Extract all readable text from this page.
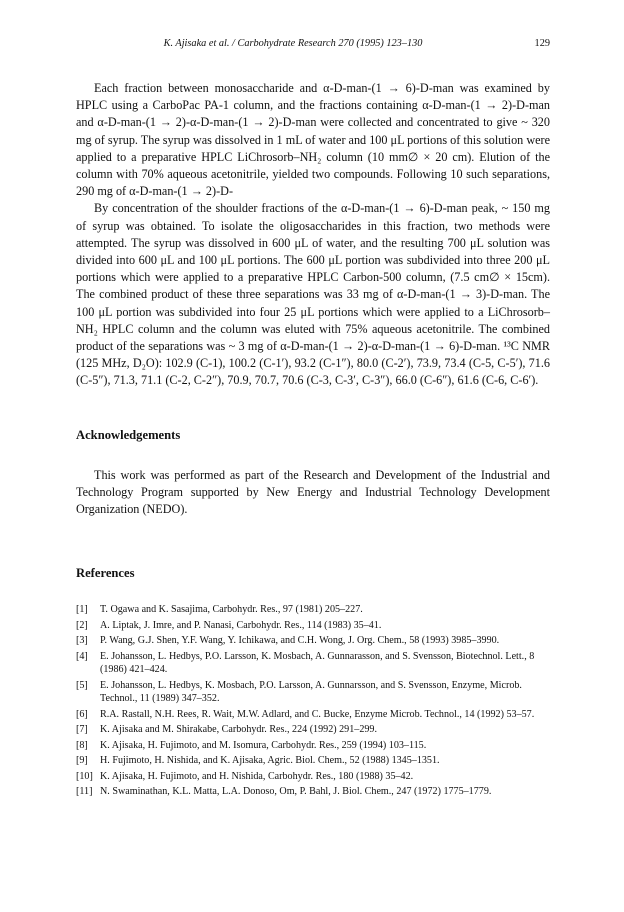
K. Ajisaka et al. / Carbohydrate Research 270 (1995) 123–130	129

Each fraction between monosaccharide and α-D-man-(1 → 6)-D-man was examined by HPLC using a CarboPac PA-1 column, and the fractions containing α-D-man-(1 → 2)-D-man and α-D-man-(1 → 2)-α-D-man-(1 → 2)-D-man were collected and concentrated to give ~ 320 mg of syrup. The syrup was dissolved in 1 mL of water and 100 μL portions of this solution were applied to a preparative HPLC LiChrosorb–NH₂ column (10 mm∅ × 20 cm). Elution of the column with 70% aqueous acetonitrile, yielded two compounds. Following 10 such separations, 290 mg of α-D-man-(1 → 2)-D-

By concentration of the shoulder fractions of the α-D-man-(1 → 6)-D-man peak, ~ 150 mg of syrup was obtained. To isolate the oligosaccharides in this fraction, two methods were attempted. The syrup was dissolved in 600 μL of water, and the resulting 700 μL solution was divided into 600 μL and 100 μL portions. The 600 μL portion was subdivided into three 200 μL portions which were applied to a preparative HPLC Carbon-500 column, (7.5 cm∅ × 15cm). The combined product of these three separations was 33 mg of α-D-man-(1 → 3)-D-man. The 100 μL portion was subdivided into four 25 μL portions which were applied to a LiChrosorb–NH₂ HPLC column and the column was eluted with 75% aqueous acetonitrile. The combined product of the separations was ~ 3 mg of α-D-man-(1 → 2)-α-D-man-(1 → 6)-D-man. ¹³C NMR (125 MHz, D₂O): 102.9 (C-1), 100.2 (C-1′), 93.2 (C-1″), 80.0 (C-2′), 73.9, 73.4 (C-5, C-5′), 71.6 (C-5″), 71.3, 71.1 (C-2, C-2″), 70.9, 70.7, 70.6 (C-3, C-3′, C-3″), 66.0 (C-6″), 61.6 (C-6, C-6′).

Acknowledgements

This work was performed as part of the Research and Development of the Industrial and Technology Program supported by New Energy and Industrial Technology Development Organization (NEDO).

References
[1]	T. Ogawa and K. Sasajima, Carbohydr. Res., 97 (1981) 205–227.
[2]	A. Liptak, J. Imre, and P. Nanasi, Carbohydr. Res., 114 (1983) 35–41.
[3]	P. Wang, G.J. Shen, Y.F. Wang, Y. Ichikawa, and C.H. Wong, J. Org. Chem., 58 (1993) 3985–3990.
[4]	E. Johansson, L. Hedbys, P.O. Larsson, K. Mosbach, A. Gunnarasson, and S. Svensson, Biotechnol. Lett., 8 (1986) 421–424.
[5]	E. Johansson, L. Hedbys, K. Mosbach, P.O. Larsson, A. Gunnarsson, and S. Svensson, Enzyme, Microb. Technol., 11 (1989) 347–352.
[6]	R.A. Rastall, N.H. Rees, R. Wait, M.W. Adlard, and C. Bucke, Enzyme Microb. Technol., 14 (1992) 53–57.
[7]	K. Ajisaka and M. Shirakabe, Carbohydr. Res., 224 (1992) 291–299.
[8]	K. Ajisaka, H. Fujimoto, and M. Isomura, Carbohydr. Res., 259 (1994) 103–115.
[9]	H. Fujimoto, H. Nishida, and K. Ajisaka, Agric. Biol. Chem., 52 (1988) 1345–1351.
[10] K. Ajisaka, H. Fujimoto, and H. Nishida, Carbohydr. Res., 180 (1988) 35–42.
[11] N. Swaminathan, K.L. Matta, L.A. Donoso, Om, P. Bahl, J. Biol. Chem., 247 (1972) 1775–1779.
